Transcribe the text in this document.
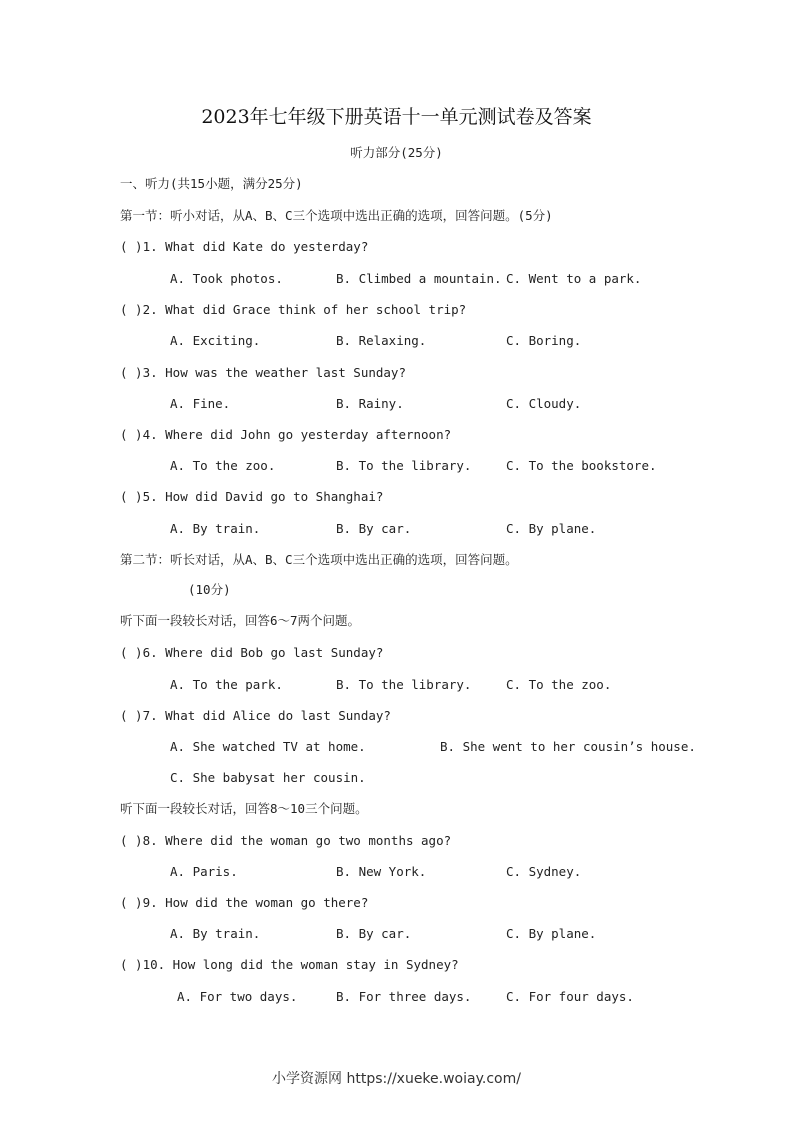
2023年七年级下册英语十一单元测试卷及答案
听力部分(25分)
一、听力(共15小题，满分25分)
第一节：听小对话，从A、B、C三个选项中选出正确的选项，回答问题。(5分)
( )1. What did Kate do yesterday?
A. Took photos.	B. Climbed a mountain. C. Went to a park.
( )2. What did Grace think of her school trip?
A. Exciting.	B. Relaxing.	C. Boring.
( )3. How was the weather last Sunday?
A. Fine.	B. Rainy.	C. Cloudy.
( )4. Where did John go yesterday afternoon?
A. To the zoo.	B. To the library.	C. To the bookstore.
( )5. How did David go to Shanghai?
A. By train.	B. By car.	C. By plane.
第二节：听长对话，从A、B、C三个选项中选出正确的选项，回答问题。
(10分)
听下面一段较长对话，回答6～7两个问题。
( )6. Where did Bob go last Sunday?
A. To the park.	B. To the library.	C. To the zoo.
( )7. What did Alice do last Sunday?
A. She watched TV at home.	B. She went to her cousin’s house.
C. She babysat her cousin.
听下面一段较长对话，回答8～10三个问题。
( )8. Where did the woman go two months ago?
A. Paris.	B. New York.	C. Sydney.
( )9. How did the woman go there?
A. By train.	B. By car.	C. By plane.
( )10. How long did the woman stay in Sydney?
A. For two days.	B. For three days.	C. For four days.
小学资源网 https://xueke.woiay.com/
